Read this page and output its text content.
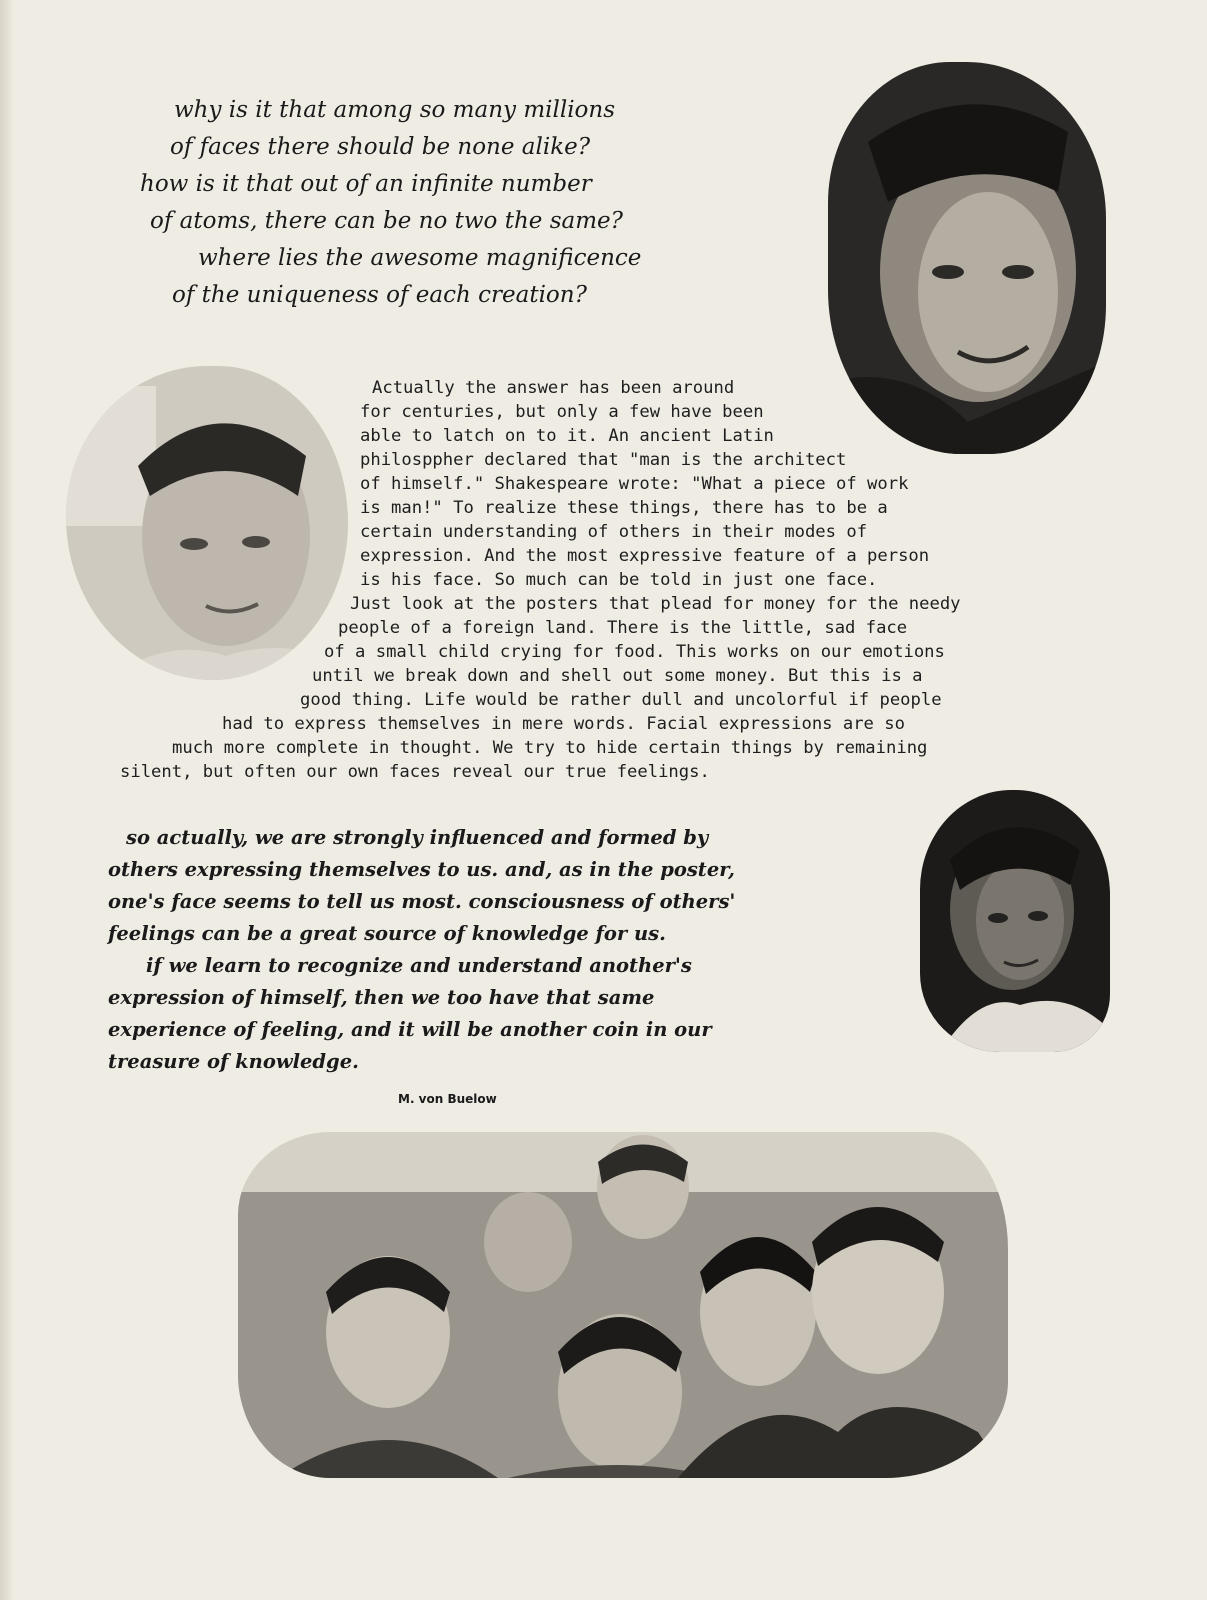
why is it that among so many millions
of faces there should be none alike?
how is it that out of an infinite number
of atoms, there can be no two the same?
where lies the awesome magnificence
of the uniqueness of each creation?
Actually the answer has been around
for centuries, but only a few have been
able to latch on to it. An ancient Latin
philosppher declared that "man is the architect
of himself." Shakespeare wrote: "What a piece of work
is man!" To realize these things, there has to be a
certain understanding of others in their modes of
expression. And the most expressive feature of a person
is his face. So much can be told in just one face.
Just look at the posters that plead for money for the needy
people of a foreign land. There is the little, sad face
of a small child crying for food. This works on our emotions
until we break down and shell out some money. But this is a
good thing. Life would be rather dull and uncolorful if people
had to express themselves in mere words. Facial expressions are so
much more complete in thought. We try to hide certain things by remaining
silent, but often our own faces reveal our true feelings.
so actually, we are strongly influenced and formed by
others expressing themselves to us. and, as in the poster,
one's face seems to tell us most. consciousness of others'
feelings can be a great source of knowledge for us.
if we learn to recognize and understand another's
expression of himself, then we too have that same
experience of feeling, and it will be another coin in our
treasure of knowledge.
M. von Buelow
